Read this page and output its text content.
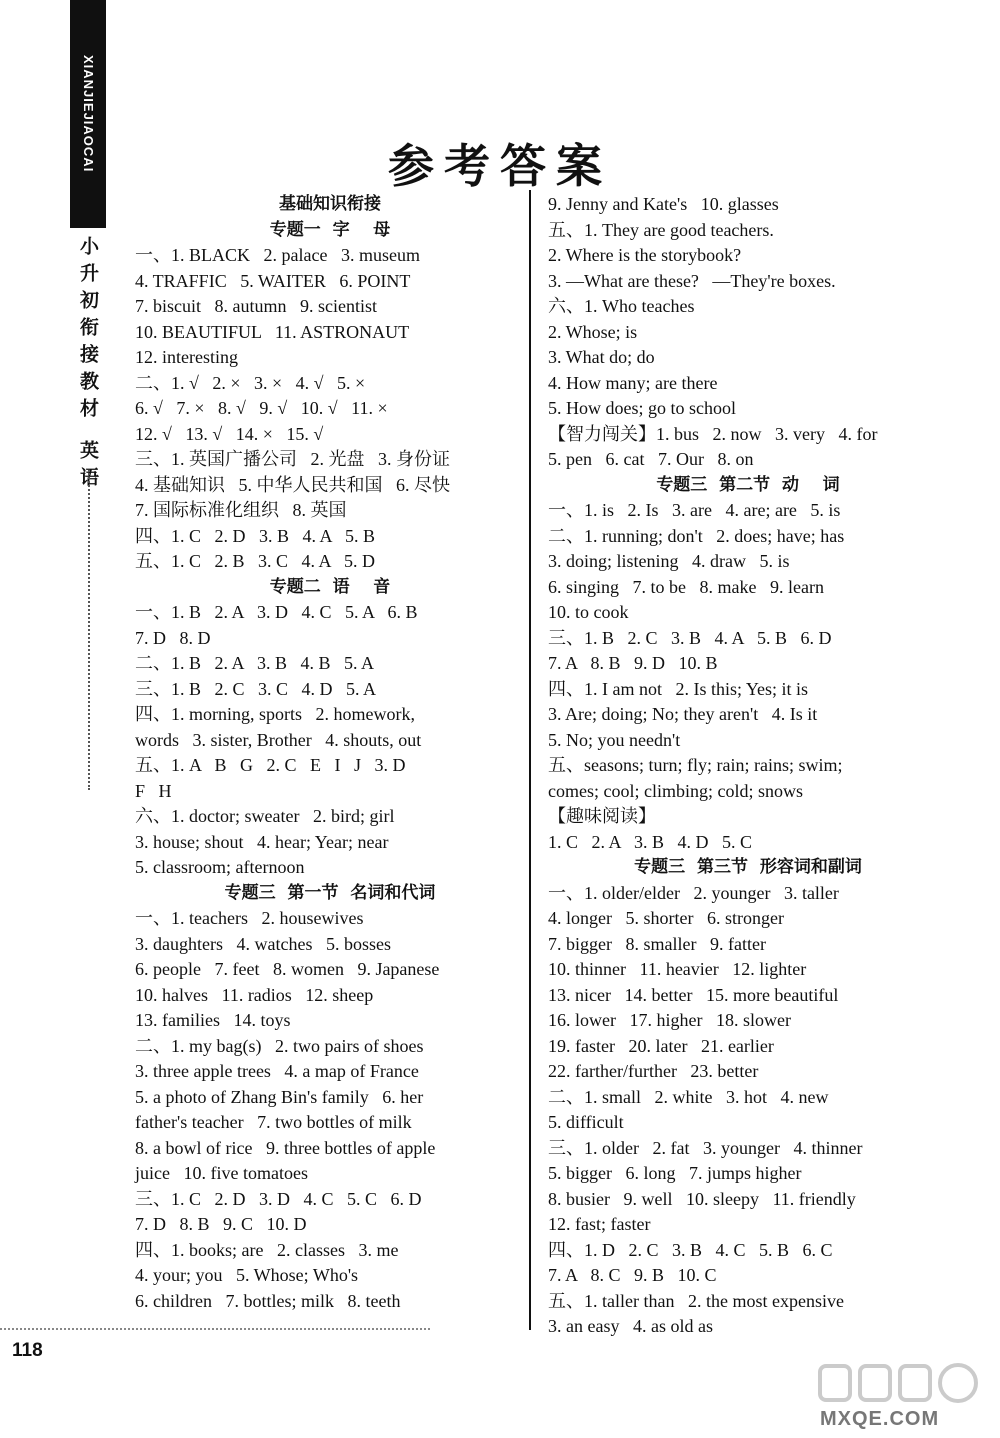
XIANJIEJIAOCAI
小升初衔接教材 英语
参考答案
基础知识衔接
专题一  字    母
一、1. BLACK   2. palace   3. museum
4. TRAFFIC   5. WAITER   6. POINT
7. biscuit   8. autumn   9. scientist
10. BEAUTIFUL   11. ASTRONAUT
12. interesting
二、1. √   2. ×   3. ×   4. √   5. ×
6. √   7. ×   8. √   9. √   10. √   11. ×
12. √   13. √   14. ×   15. √
三、1. 英国广播公司   2. 光盘   3. 身份证
4. 基础知识   5. 中华人民共和国   6. 尽快
7. 国际标准化组织   8. 英国
四、1. C   2. D   3. B   4. A   5. B
五、1. C   2. B   3. C   4. A   5. D
专题二  语    音
一、1. B   2. A   3. D   4. C   5. A   6. B
7. D   8. D
二、1. B   2. A   3. B   4. B   5. A
三、1. B   2. C   3. C   4. D   5. A
四、1. morning, sports   2. homework,
words   3. sister, Brother   4. shouts, out
五、1. A   B   G   2. C   E   I   J   3. D
F   H
六、1. doctor; sweater   2. bird; girl
3. house; shout   4. hear; Year; near
5. classroom; afternoon
专题三  第一节  名词和代词
一、1. teachers   2. housewives
3. daughters   4. watches   5. bosses
6. people   7. feet   8. women   9. Japanese
10. halves   11. radios   12. sheep
13. families   14. toys
二、1. my bag(s)   2. two pairs of shoes
3. three apple trees   4. a map of France
5. a photo of Zhang Bin's family   6. her
father's teacher   7. two bottles of milk
8. a bowl of rice   9. three bottles of apple
juice   10. five tomatoes
三、1. C   2. D   3. D   4. C   5. C   6. D
7. D   8. B   9. C   10. D
四、1. books; are   2. classes   3. me
4. your; you   5. Whose; Who's
6. children   7. bottles; milk   8. teeth
9. Jenny and Kate's   10. glasses
五、1. They are good teachers.
2. Where is the storybook?
3. —What are these?   —They're boxes.
六、1. Who teaches
2. Whose; is
3. What do; do
4. How many; are there
5. How does; go to school
【智力闯关】1. bus   2. now   3. very   4. for
5. pen   6. cat   7. Our   8. on
专题三  第二节  动    词
一、1. is   2. Is   3. are   4. are; are   5. is
二、1. running; don't   2. does; have; has
3. doing; listening   4. draw   5. is
6. singing   7. to be   8. make   9. learn
10. to cook
三、1. B   2. C   3. B   4. A   5. B   6. D
7. A   8. B   9. D   10. B
四、1. I am not   2. Is this; Yes; it is
3. Are; doing; No; they aren't   4. Is it
5. No; you needn't
五、seasons; turn; fly; rain; rains; swim;
comes; cool; climbing; cold; snows
【趣味阅读】
1. C   2. A   3. B   4. D   5. C
专题三  第三节  形容词和副词
一、1. older/elder   2. younger   3. taller
4. longer   5. shorter   6. stronger
7. bigger   8. smaller   9. fatter
10. thinner   11. heavier   12. lighter
13. nicer   14. better   15. more beautiful
16. lower   17. higher   18. slower
19. faster   20. later   21. earlier
22. farther/further   23. better
二、1. small   2. white   3. hot   4. new
5. difficult
三、1. older   2. fat   3. younger   4. thinner
5. bigger   6. long   7. jumps higher
8. busier   9. well   10. sleepy   11. friendly
12. fast; faster
四、1. D   2. C   3. B   4. C   5. B   6. C
7. A   8. C   9. B   10. C
五、1. taller than   2. the most expensive
3. an easy   4. as old as
118
MXQE.COM
